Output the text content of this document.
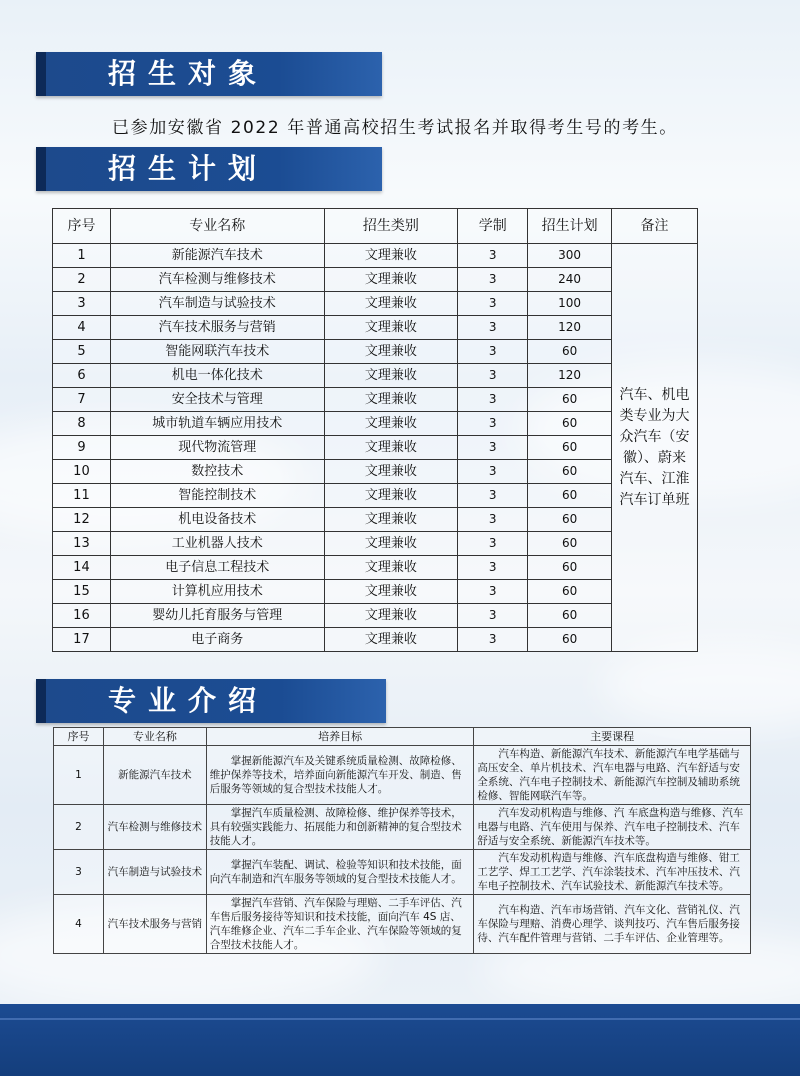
招生对象
已参加安徽省 2022 年普通高校招生考试报名并取得考生号的考生。
招生计划
序号	专业名称	招生类别	学制	招生计划	备注
1	新能源汽车技术	文理兼收	3	300	汽车、机电类专业为大众汽车（安徽）、蔚来汽车、江淮汽车订单班
2	汽车检测与维修技术	文理兼收	3	240	
3	汽车制造与试验技术	文理兼收	3	100	
4	汽车技术服务与营销	文理兼收	3	120	
5	智能网联汽车技术	文理兼收	3	60	
6	机电一体化技术	文理兼收	3	120	
7	安全技术与管理	文理兼收	3	60	
8	城市轨道车辆应用技术	文理兼收	3	60	
9	现代物流管理	文理兼收	3	60	
10	数控技术	文理兼收	3	60	
11	智能控制技术	文理兼收	3	60	
12	机电设备技术	文理兼收	3	60	
13	工业机器人技术	文理兼收	3	60	
14	电子信息工程技术	文理兼收	3	60	
15	计算机应用技术	文理兼收	3	60	
16	婴幼儿托育服务与管理	文理兼收	3	60	
17	电子商务	文理兼收	3	60	
专业介绍
序号	专业名称	培养目标	主要课程
1	新能源汽车技术	掌握新能源汽车及关键系统质量检测、故障检修、维护保养等技术，培养面向新能源汽车开发、制造、售后服务等领域的复合型技术技能人才。	汽车构造、新能源汽车技术、新能源汽车电学基础与高压安全、单片机技术、汽车电器与电路、汽车舒适与安全系统、汽车电子控制技术、新能源汽车控制及辅助系统检修、智能网联汽车等。
2	汽车检测与维修技术	掌握汽车质量检测、故障检修、维护保养等技术，具有较强实践能力、拓展能力和创新精神的复合型技术技能人才。	汽车发动机构造与维修、汽 车底盘构造与维修、汽车电器与电路、汽车使用与保养、汽车电子控制技术、汽车舒适与安全系统、新能源汽车技术等。
3	汽车制造与试验技术	掌握汽车装配、调试、检验等知识和技术技能，面向汽车制造和汽车服务等领域的复合型技术技能人才。	汽车发动机构造与维修、汽车底盘构造与维修、钳工工艺学、焊工工艺学、汽车涂装技术、汽车冲压技术、汽车电子控制技术、汽车试验技术、新能源汽车技术等。
4	汽车技术服务与营销	掌握汽车营销、汽车保险与理赔、二手车评估、汽车售后服务接待等知识和技术技能，面向汽车 4S 店、汽车维修企业、汽车二手车企业、汽车保险等领域的复合型技术技能人才。	汽车构造、汽车市场营销、汽车文化、营销礼仪、汽车保险与理赔、消费心理学、谈判技巧、汽车售后服务接待、汽车配件管理与营销、二手车评估、企业管理等。
